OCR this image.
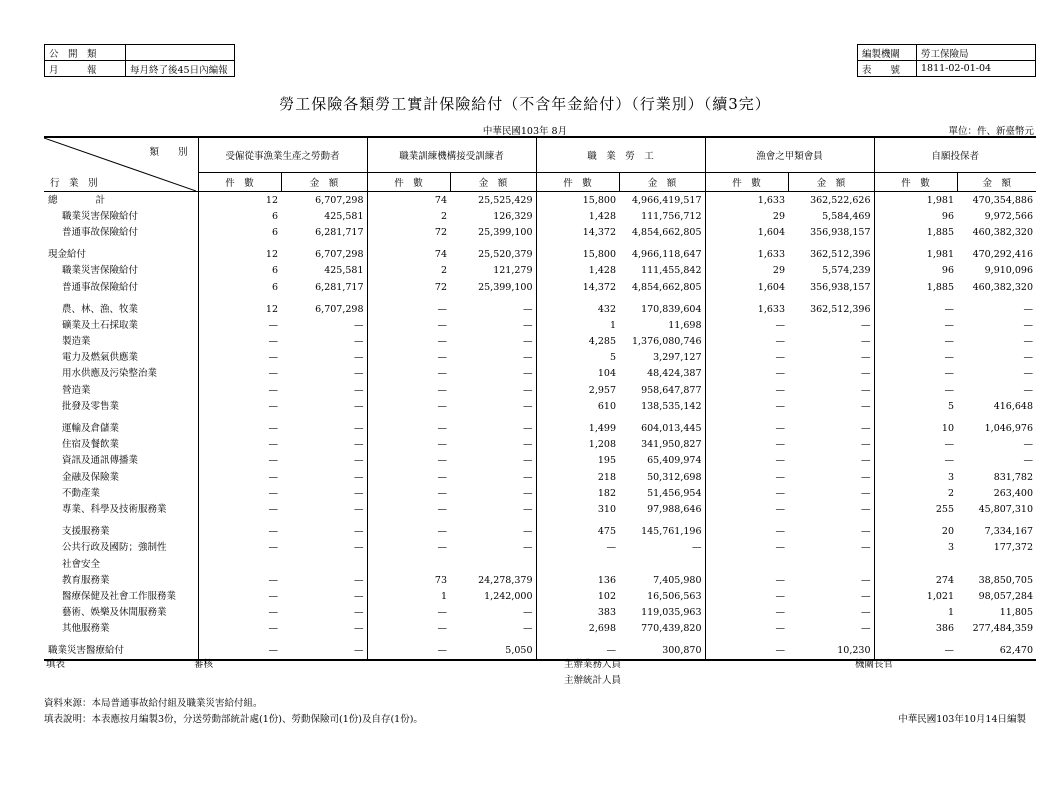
公　開　類	
月　　　報	每月終了後45日內編報
編製機關	勞工保險局
表　　號	1811-02-01-04
勞工保險各類勞工實計保險給付（不含年金給付）（行業別）（續3完）
中華民國103年 8月	單位：件、新臺幣元
類　　別
行　業　別	受僱從事漁業生產之勞動者		職業訓練機構接受訓練者		職　業　勞　工		漁會之甲類會員		自願投保者	
	件　數	金　額	件　數	金　額	件　數	金　額	件　數	金　額	件　數	金　額
總　　　　計	12	6,707,298	74	25,525,429	15,800	4,966,419,517	1,633	362,522,626	1,981	470,354,886
職業災害保險給付	6	425,581	2	126,329	1,428	111,756,712	29	5,584,469	96	9,972,566
普通事故保險給付	6	6,281,717	72	25,399,100	14,372	4,854,662,805	1,604	356,938,157	1,885	460,382,320

現金給付	12	6,707,298	74	25,520,379	15,800	4,966,118,647	1,633	362,512,396	1,981	470,292,416
職業災害保險給付	6	425,581	2	121,279	1,428	111,455,842	29	5,574,239	96	9,910,096
普通事故保險給付	6	6,281,717	72	25,399,100	14,372	4,854,662,805	1,604	356,938,157	1,885	460,382,320

農、林、漁、牧業	12	6,707,298	—	—	432	170,839,604	1,633	362,512,396	—	—
礦業及土石採取業	—	—	—	—	1	11,698	—	—	—	—
製造業	—	—	—	—	4,285	1,376,080,746	—	—	—	—
電力及燃氣供應業	—	—	—	—	5	3,297,127	—	—	—	—
用水供應及污染整治業	—	—	—	—	104	48,424,387	—	—	—	—
營造業	—	—	—	—	2,957	958,647,877	—	—	—	—
批發及零售業	—	—	—	—	610	138,535,142	—	—	5	416,648

運輸及倉儲業	—	—	—	—	1,499	604,013,445	—	—	10	1,046,976
住宿及餐飲業	—	—	—	—	1,208	341,950,827	—	—	—	—
資訊及通訊傳播業	—	—	—	—	195	65,409,974	—	—	—	—
金融及保險業	—	—	—	—	218	50,312,698	—	—	3	831,782
不動產業	—	—	—	—	182	51,456,954	—	—	2	263,400
專業、科學及技術服務業	—	—	—	—	310	97,988,646	—	—	255	45,807,310

支援服務業	—	—	—	—	475	145,761,196	—	—	20	7,334,167
公共行政及國防；強制性	—	—	—	—	—	—	—	—	3	177,372
社會安全										
教育服務業	—	—	73	24,278,379	136	7,405,980	—	—	274	38,850,705
醫療保健及社會工作服務業	—	—	1	1,242,000	102	16,506,563	—	—	1,021	98,057,284
藝術、娛樂及休閒服務業	—	—	—	—	383	119,035,963	—	—	1	11,805
其他服務業	—	—	—	—	2,698	770,439,820	—	—	386	277,484,359

職業災害醫療給付	—	—	—	5,050	—	300,870	—	10,230	—	62,470
填表	審核	主辦業務人員
主辦統計人員
機關長官
資料來源：本局普通事故給付組及職業災害給付組。
填表說明：本表應按月編製3份，分送勞動部統計處(1份)、勞動保險司(1份)及自存(1份)。	中華民國103年10月14日編製
